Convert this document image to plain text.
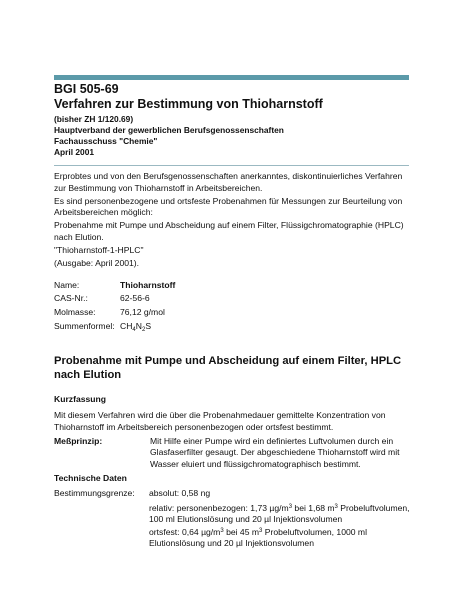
BGI 505-69
Verfahren zur Bestimmung von Thioharnstoff
(bisher ZH 1/120.69)
Hauptverband der gewerblichen Berufsgenossenschaften
Fachausschuss "Chemie"
April 2001

Erprobtes und von den Berufsgenossenschaften anerkanntes, diskontinuierliches Verfahren zur Bestimmung von Thioharnstoff in Arbeitsbereichen.

Es sind personenbezogene und ortsfeste Probenahmen für Messungen zur Beurteilung von Arbeitsbereichen möglich:

Probenahme mit Pumpe und Abscheidung auf einem Filter, Flüssigchromatographie (HPLC) nach Elution.

"Thioharnstoff-1-HPLC"

(Ausgabe: April 2001).

Name:	Thioharnstoff
CAS-Nr.:	62-56-6
Molmasse:	76,12 g/mol
Summenformel: $CH_4N_2S$
Probenahme mit Pumpe und Abscheidung auf einem Filter, HPLC nach Elution
Kurzfassung

Mit diesem Verfahren wird die über die Probenahmedauer gemittelte Konzentration von Thioharnstoff im Arbeitsbereich personenbezogen oder ortsfest bestimmt.

Meßprinzip:	Mit Hilfe einer Pumpe wird ein definiertes Luftvolumen durch ein Glasfaserfilter gesaugt. Der abgeschiedene Thioharnstoff wird mit Wasser eluiert und flüssigchromatographisch bestimmt.
Technische Daten
Bestimmungsgrenze:	absolut: 0,58 ng
relativ: personenbezogen: 1,73 $\mu g/m^3$ bei 1,68 $m^3$ Probeluftvolumen, 100 ml Elutionslösung und 20 µl Injektionsvolumen
ortsfest: 0,64 $\mu g/m^3$ bei 45 $m^3$ Probeluftvolumen, 1000 ml Elutionslösung und 20 µl Injektionsvolumen
